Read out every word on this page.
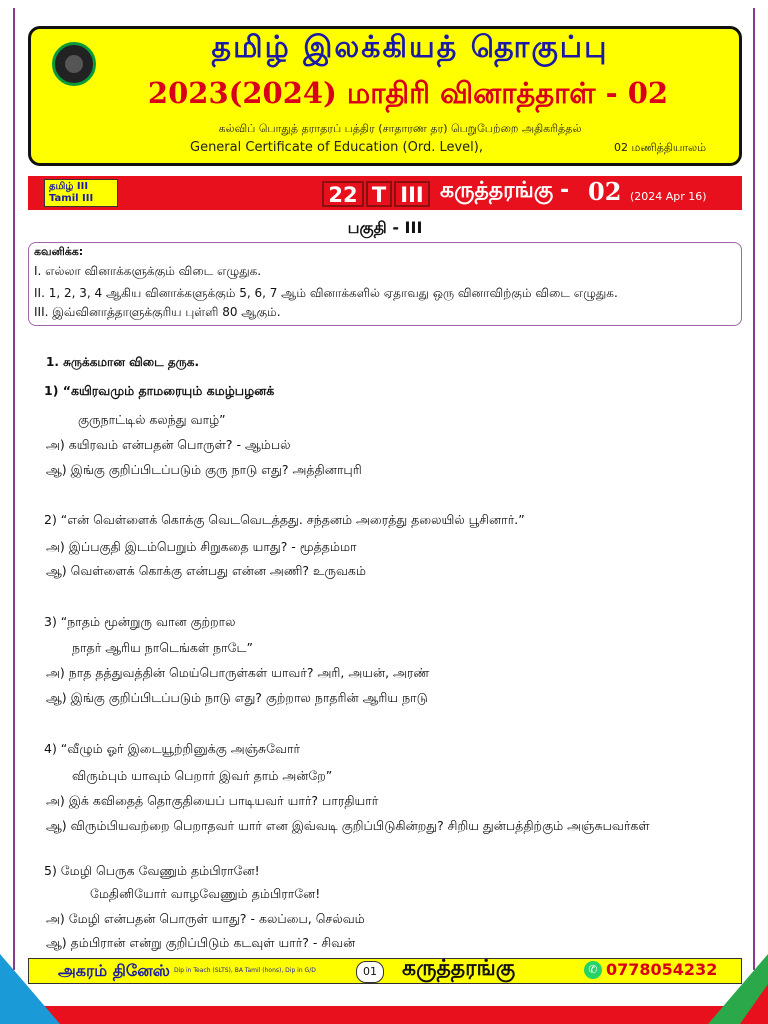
தமிழ் இலக்கியத் தொகுப்பு
2023(2024) மாதிரி வினாத்தாள் - 02
கல்விப் பொதுத் தராதரப் பத்திர (சாதாரண தர) பெறுபேற்றை அதிகரித்தல்
General Certificate of Education (Ord. Level),	02 மணித்தியாலம்
தமிழ் III
Tamil III	22 T III கருத்தரங்கு - 02 (2024 Apr 16)
பகுதி - III
கவனிக்க:
I. எல்லா வினாக்களுக்கும் விடை எழுதுக.
II. 1, 2, 3, 4 ஆகிய வினாக்களுக்கும் 5, 6, 7 ஆம் வினாக்களில் ஏதாவது ஒரு வினாவிற்கும் விடை எழுதுக.
III. இவ்வினாத்தாளுக்குரிய புள்ளி 80 ஆகும்.
1. சுருக்கமான விடை தருக.
1) “கயிரவமும் தாமரையும் கமழ்பழனக்
குருநாட்டில் கலந்து வாழ்”
அ) கயிரவம் என்பதன் பொருள்? - ஆம்பல்
ஆ) இங்கு குறிப்பிடப்படும் குரு நாடு எது? அத்தினாபுரி
2) “என் வெள்ளைக் கொக்கு வெடவெடத்தது. சந்தனம் அரைத்து தலையில் பூசினார்.”
அ) இப்பகுதி இடம்பெறும் சிறுகதை யாது? - மூத்தம்மா
ஆ) வெள்ளைக் கொக்கு என்பது என்ன அணி? உருவகம்
3) “நாதம் மூன்றுரு வான குற்றால
நாதர் ஆரிய நாடெங்கள் நாடே”
அ) நாத தத்துவத்தின் மெய்பொருள்கள் யாவர்? அரி, அயன், அரண்
ஆ) இங்கு குறிப்பிடப்படும் நாடு எது? குற்றால நாதரின் ஆரிய நாடு
4) “வீழும் ஓர் இடையூற்றினுக்கு அஞ்சுவோர்
விரும்பும் யாவும் பெறார் இவர் தாம் அன்றே”
அ) இக் கவிதைத் தொகுதியைப் பாடியவர் யார்? பாரதியார்
ஆ) விரும்பியவற்றை பெறாதவர் யார் என இவ்வடி குறிப்பிடுகின்றது? சிறிய துன்பத்திற்கும் அஞ்சுபவர்கள்
5) மேழி பெருக வேணும் தம்பிரானே!
மேதினியோர் வாழவேணும் தம்பிரானே!
அ) மேழி என்பதன் பொருள் யாது? - கலப்பை, செல்வம்
ஆ) தம்பிரான் என்று குறிப்பிடும் கடவுள் யார்? - சிவன்
அகரம் தினேஸ் Dip in Teach (SLTS), BA Tamil (hons), Dip in G/D	01	கருத்தரங்கு	✆ 0778054232
